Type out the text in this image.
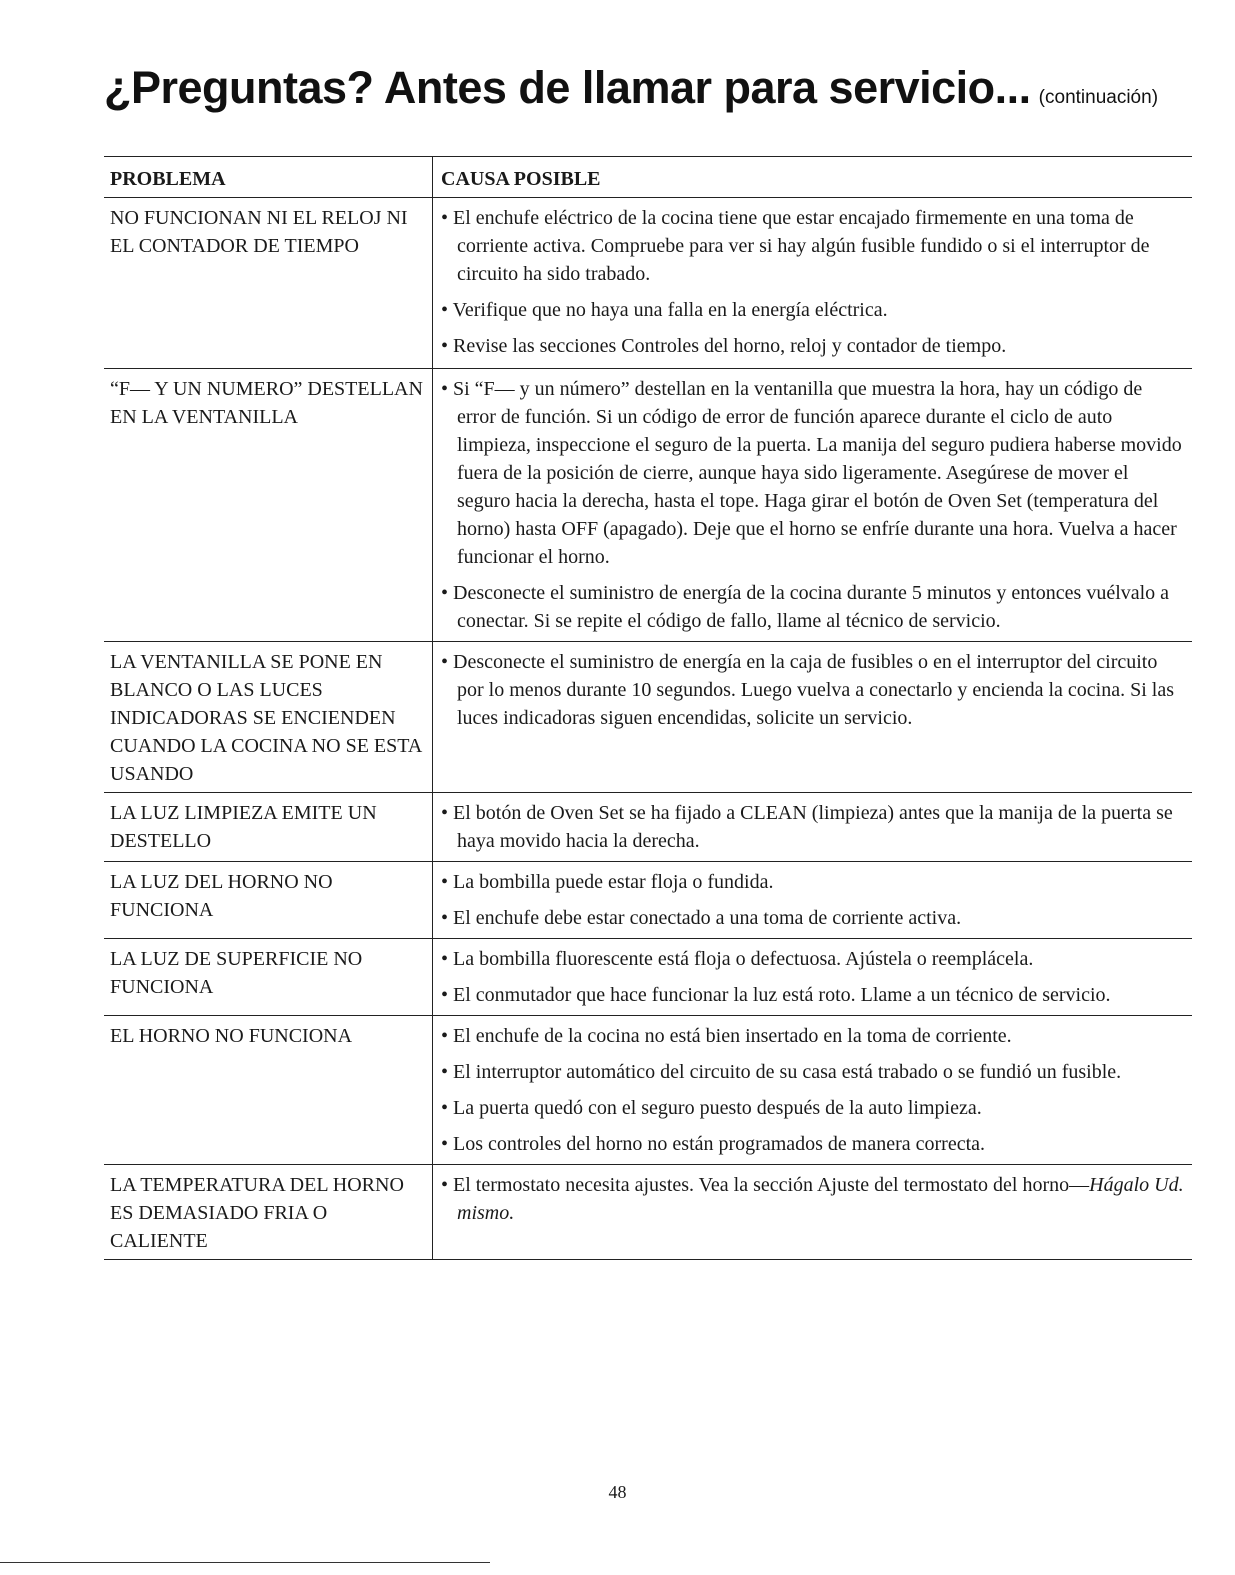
¿Preguntas? Antes de llamar para servicio... (continuación)
PROBLEMA	CAUSA POSIBLE
NO FUNCIONAN NI EL RELOJ NI EL CONTADOR DE TIEMPO	• El enchufe eléctrico de la cocina tiene que estar encajado firmemente en una toma de corriente activa. Compruebe para ver si hay algún fusible fundido o si el interruptor de circuito ha sido trabado.
• Verifique que no haya una falla en la energía eléctrica.
• Revise las secciones Controles del horno, reloj y contador de tiempo.

“F— Y UN NUMERO” DESTELLAN EN LA VENTANILLA	• Si “F— y un número” destellan en la ventanilla que muestra la hora, hay un código de error de función. Si un código de error de función aparece durante el ciclo de auto limpieza, inspeccione el seguro de la puerta. La manija del seguro pudiera haberse movido fuera de la posición de cierre, aunque haya sido ligeramente. Asegúrese de mover el seguro hacia la derecha, hasta el tope. Haga girar el botón de Oven Set (temperatura del horno) hasta OFF (apagado). Deje que el horno se enfríe durante una hora. Vuelva a hacer funcionar el horno.
• Desconecte el suministro de energía de la cocina durante 5 minutos y entonces vuélvalo a conectar. Si se repite el código de fallo, llame al técnico de servicio.

LA VENTANILLA SE PONE EN BLANCO O LAS LUCES INDICADORAS SE ENCIENDEN CUANDO LA COCINA NO SE ESTA USANDO	• Desconecte el suministro de energía en la caja de fusibles o en el interruptor del circuito por lo menos durante 10 segundos. Luego vuelva a conectarlo y encienda la cocina. Si las luces indicadoras siguen encendidas, solicite un servicio.

LA LUZ LIMPIEZA EMITE UN DESTELLO	• El botón de Oven Set se ha fijado a CLEAN (limpieza) antes que la manija de la puerta se haya movido hacia la derecha.

LA LUZ DEL HORNO NO FUNCIONA	• La bombilla puede estar floja o fundida.
• El enchufe debe estar conectado a una toma de corriente activa.

LA LUZ DE SUPERFICIE NO FUNCIONA	• La bombilla fluorescente está floja o defectuosa. Ajústela o reemplácela.
• El conmutador que hace funcionar la luz está roto. Llame a un técnico de servicio.

EL HORNO NO FUNCIONA	• El enchufe de la cocina no está bien insertado en la toma de corriente.
• El interruptor automático del circuito de su casa está trabado o se fundió un fusible.
• La puerta quedó con el seguro puesto después de la auto limpieza.
• Los controles del horno no están programados de manera correcta.

LA TEMPERATURA DEL HORNO ES DEMASIADO FRIA O CALIENTE	• El termostato necesita ajustes. Vea la sección Ajuste del termostato del horno—Hágalo Ud. mismo.
48
